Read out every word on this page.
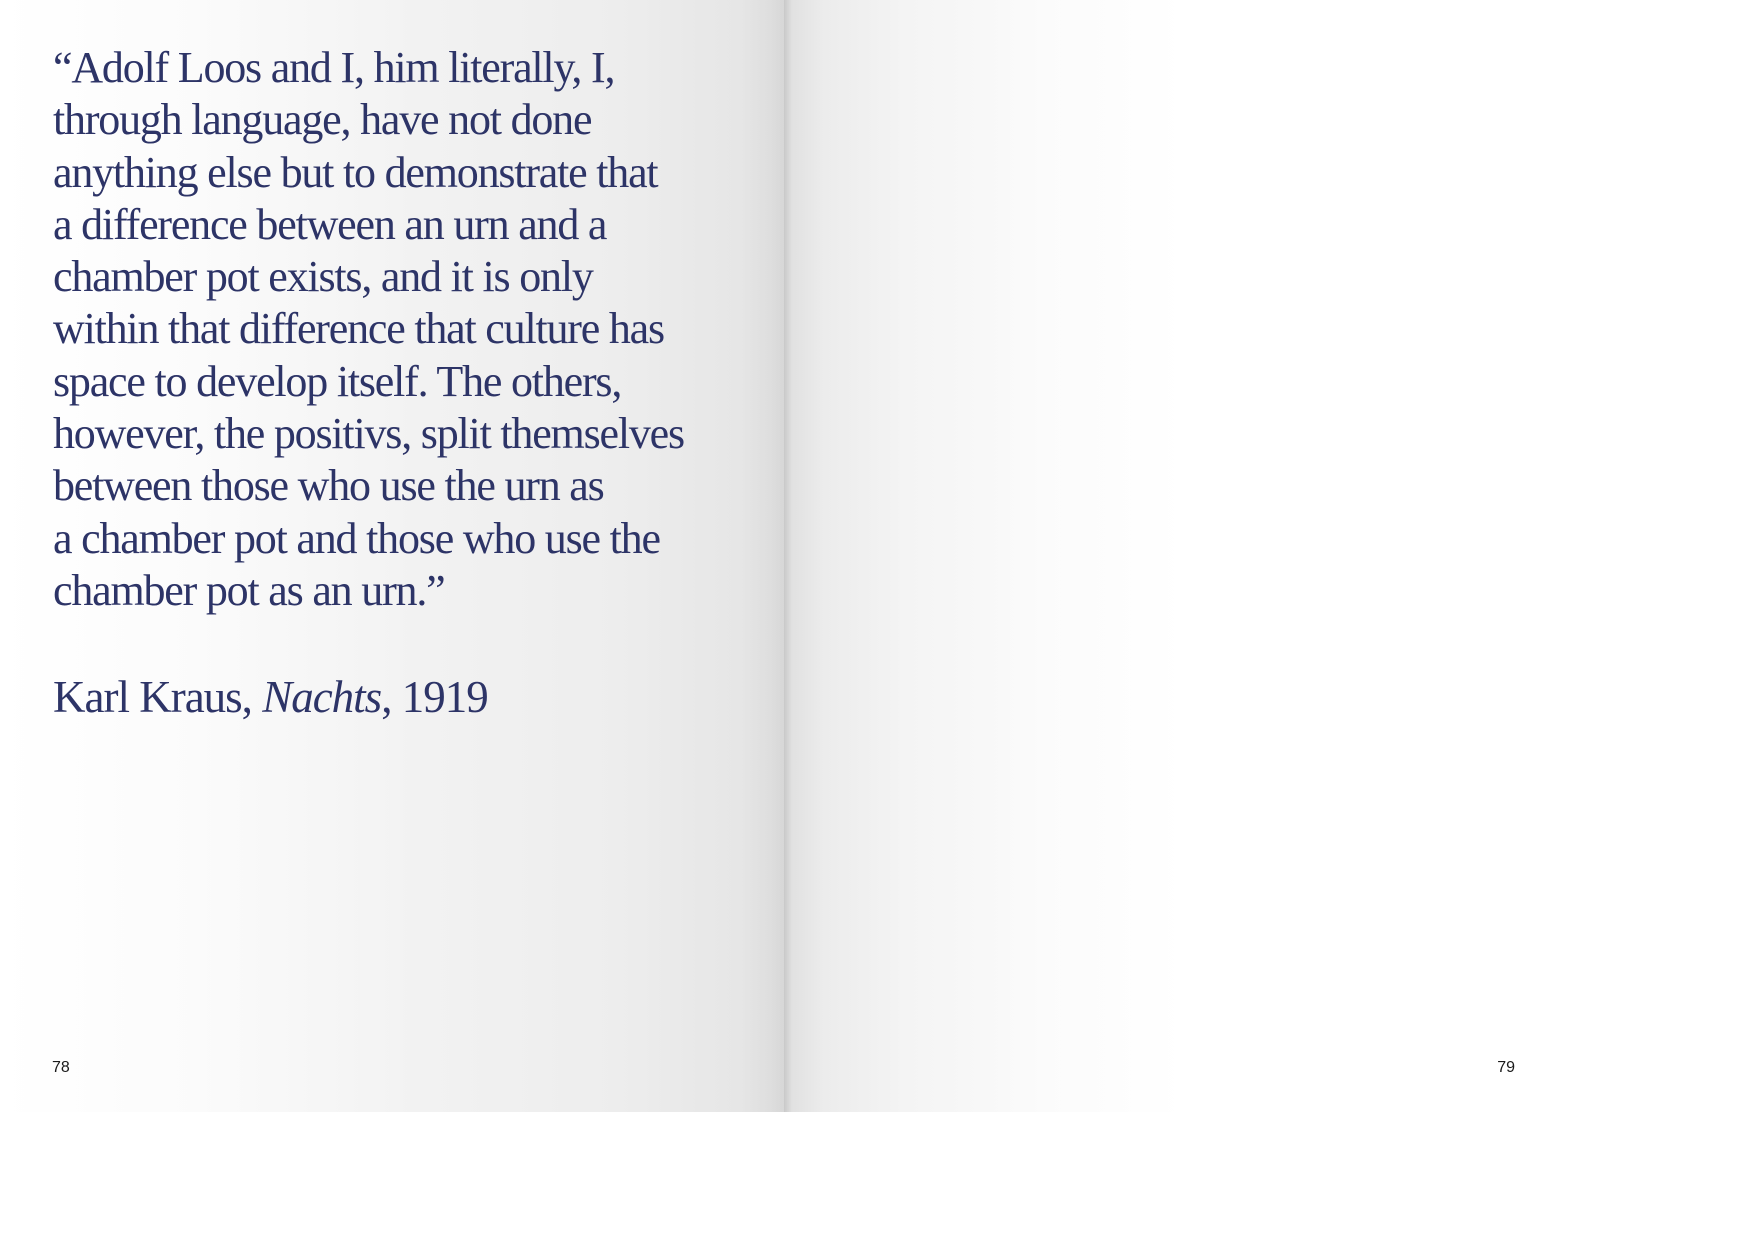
“Adolf Loos and I, him literally, I,
through language, have not done
anything else but to demonstrate that
a difference between an urn and a
chamber pot exists, and it is only
within that difference that culture has
space to develop itself. The others,
however, the positivs, split themselves
between those who use the urn as
a chamber pot and those who use the
chamber pot as an urn.”

Karl Kraus, Nachts, 1919

78	79
